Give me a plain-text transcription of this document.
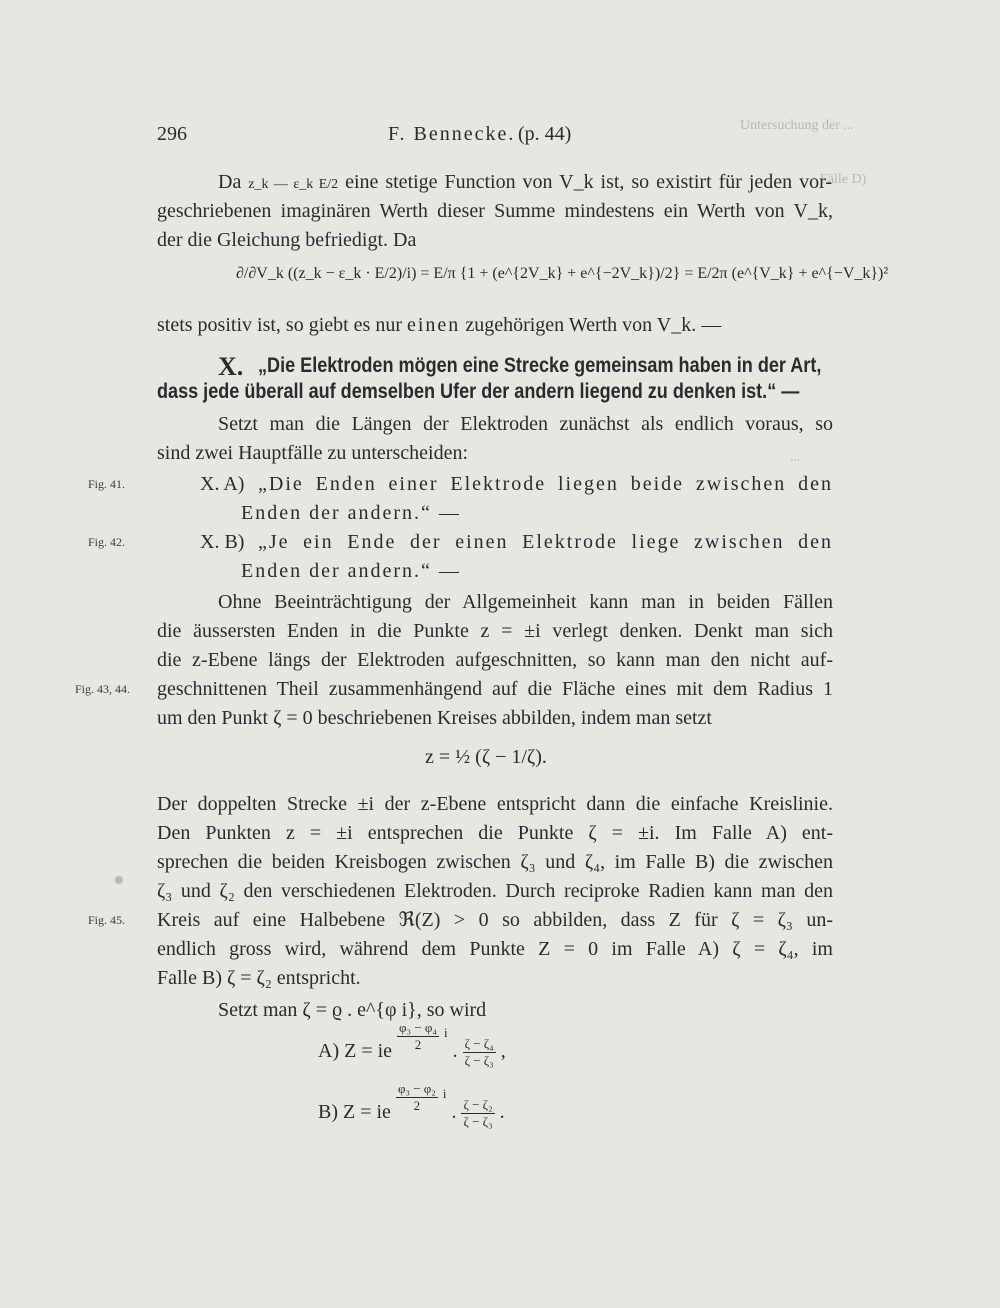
Untersuchung der ...
Fälle D)
...
296	F. Bennecke. (p. 44)
Da z_k — ε_k E/2 eine stetige Function von V_k ist, so existirt für jeden vor-
geschriebenen imaginären Werth dieser Summe mindestens ein Werth von V_k,
der die Gleichung befriedigt. Da
∂/∂V_k ((z_k − ε_k · E/2)/i) = E/π {1 + (e^{2V_k} + e^{−2V_k})/2} = E/2π (e^{V_k} + e^{−V_k})²
stets positiv ist, so giebt es nur einen zugehörigen Werth von V_k. —
X. „Die Elektroden mögen eine Strecke gemeinsam haben in der Art,
dass jede überall auf demselben Ufer der andern liegend zu denken ist.“ —
Setzt man die Längen der Elektroden zunächst als endlich voraus, so
sind zwei Hauptfälle zu unterscheiden:
Fig. 41.	X. A) „Die Enden einer Elektrode liegen beide zwischen den
Enden der andern.“ —
Fig. 42.	X. B) „Je ein Ende der einen Elektrode liege zwischen den
Enden der andern.“ —
Ohne Beeinträchtigung der Allgemeinheit kann man in beiden Fällen
die äussersten Enden in die Punkte z = ±i verlegt denken. Denkt man sich
die z-Ebene längs der Elektroden aufgeschnitten, so kann man den nicht auf-
Fig. 43, 44. geschnittenen Theil zusammenhängend auf die Fläche eines mit dem Radius 1
um den Punkt ζ = 0 beschriebenen Kreises abbilden, indem man setzt
z = ½ (ζ − 1/ζ).
Der doppelten Strecke ±i der z-Ebene entspricht dann die einfache Kreislinie.
Den Punkten z = ±i entsprechen die Punkte ζ = ±i. Im Falle A) ent-
sprechen die beiden Kreisbogen zwischen ζ₃ und ζ₄, im Falle B) die zwischen
ζ₃ und ζ₂ den verschiedenen Elektroden. Durch reciproke Radien kann man den
Fig. 45. Kreis auf eine Halbebene ℜ(Z) > 0 so abbilden, dass Z für ζ = ζ₃ un-
endlich gross wird, während dem Punkte Z = 0 im Falle A) ζ = ζ₄, im
Falle B) ζ = ζ₂ entspricht.
Setzt man ζ = ϱ . e^{φ i}, so wird
A) Z = ie $\frac{\text{φ₃ − φ₄}}{2} ^i$ . $\frac{\text{ζ − ζ₄}}{\text{ζ − ζ₃}}$ ,
B) Z = ie $\frac{\text{φ₃ − φ₂}}{2} ^i$ . $\frac{\text{ζ − ζ₂}}{\text{ζ − ζ₃}}$ .
